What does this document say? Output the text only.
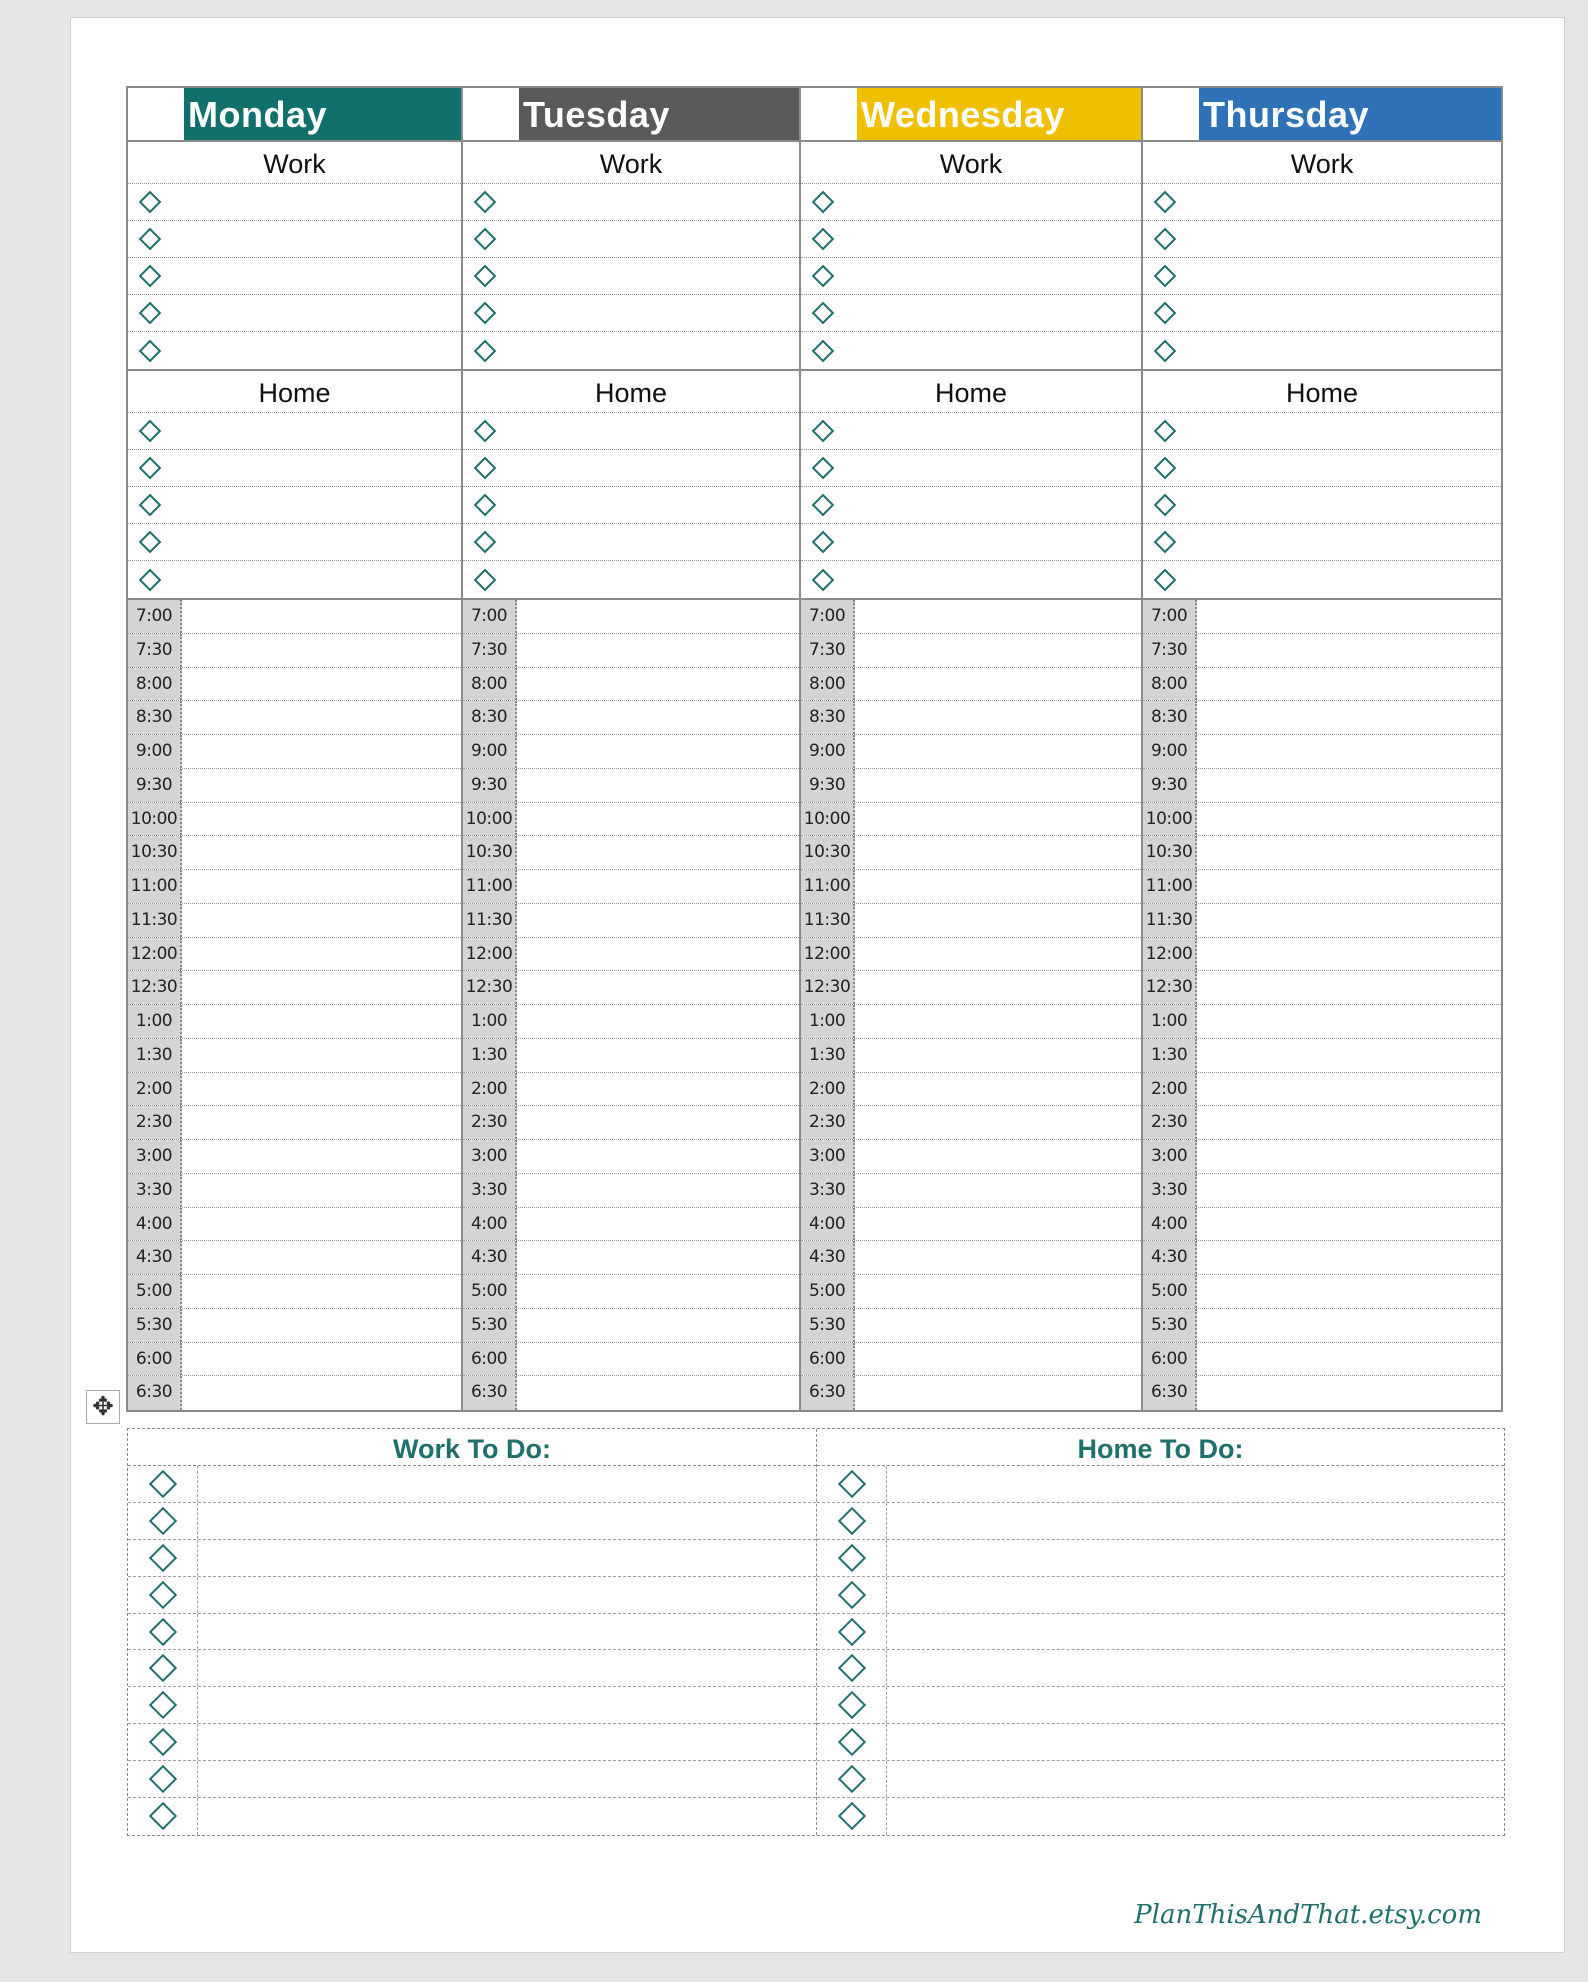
Monday
Work
Home
7:00
7:30
8:00
8:30
9:00
9:30
10:00
10:30
11:00
11:30
12:00
12:30
1:00
1:30
2:00
2:30
3:00
3:30
4:00
4:30
5:00
5:30
6:00
6:30
Tuesday
Work
Home
7:00
7:30
8:00
8:30
9:00
9:30
10:00
10:30
11:00
11:30
12:00
12:30
1:00
1:30
2:00
2:30
3:00
3:30
4:00
4:30
5:00
5:30
6:00
6:30
Wednesday
Work
Home
7:00
7:30
8:00
8:30
9:00
9:30
10:00
10:30
11:00
11:30
12:00
12:30
1:00
1:30
2:00
2:30
3:00
3:30
4:00
4:30
5:00
5:30
6:00
6:30
Thursday
Work
Home
7:00
7:30
8:00
8:30
9:00
9:30
10:00
10:30
11:00
11:30
12:00
12:30
1:00
1:30
2:00
2:30
3:00
3:30
4:00
4:30
5:00
5:30
6:00
6:30
✥
Work To Do:	Home To Do:
PlanThisAndThat.etsy.com
